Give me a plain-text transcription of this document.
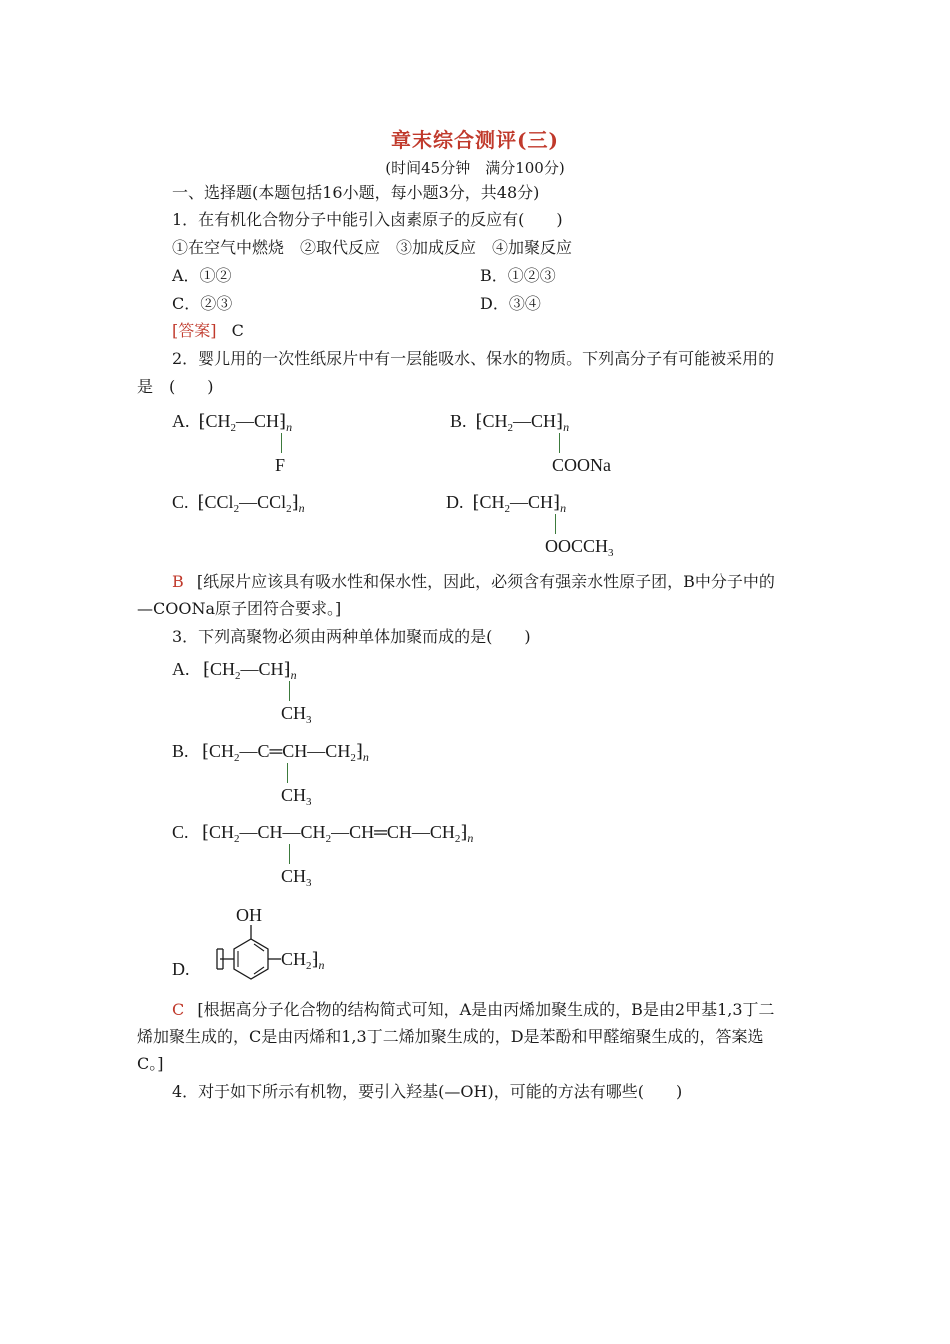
章末综合测评(三)
(时间45分钟　满分100分)
一、选择题(本题包括16小题，每小题3分，共48分)
1．在有机化合物分子中能引入卤素原子的反应有(　　)
①在空气中燃烧　②取代反应　③加成反应　④加聚反应
A．①②	B．①②③
C．②③	D．③④
[答案] C
2．婴儿用的一次性纸尿片中有一层能吸水、保水的物质。下列高分子有可能被采用的
是　(　　)
A.  $⁅CH_2—CH⁆_n$
F
B.  $⁅CH_2—CH⁆_n$
COONa
C.  $⁅CCl_2—CCl_2⁆_n$	D.  $⁅CH_2—CH⁆_n$
$OOCCH_3$
B [纸尿片应该具有吸水性和保水性，因此，必须含有强亲水性原子团，B中分子中的
—COONa原子团符合要求。]
3．下列高聚物必须由两种单体加聚而成的是(　　)
A.   $⁅CH_2—CH⁆_n$
$CH_3$
B.   $⁅CH_2—C═CH—CH_2⁆_n$
$CH_3$
C.   $⁅CH_2—CH—CH_2—CH═CH—CH_2⁆_n$
$CH_3$
OH
D.	$CH_2⁆_n$
C [根据高分子化合物的结构简式可知，A是由丙烯加聚生成的，B是由2甲基1,3丁二
烯加聚生成的，C是由丙烯和1,3丁二烯加聚生成的，D是苯酚和甲醛缩聚生成的，答案选
C。]
4．对于如下所示有机物，要引入羟基(—OH)，可能的方法有哪些(　　)
